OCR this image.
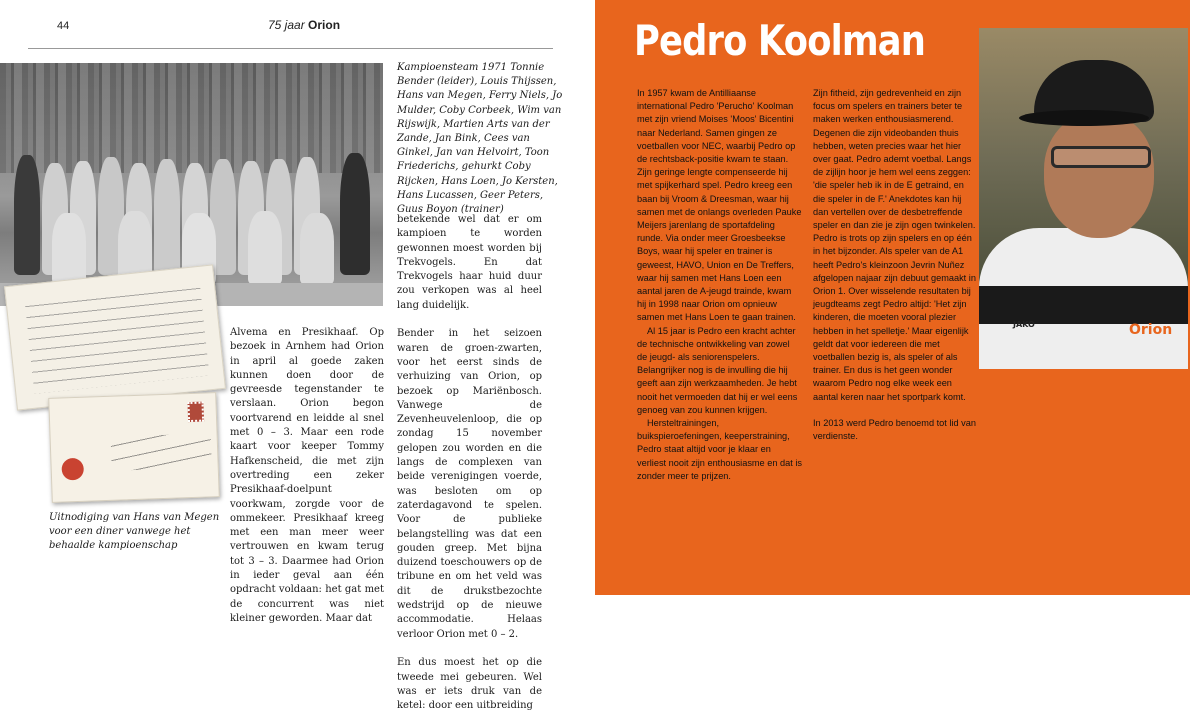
44	75 jaar Orion
Kampioensteam 1971 Tonnie Bender (leider), Louis Thijssen, Hans van Megen, Ferry Niels, Jo Mulder, Coby Corbeek, Wim van Rijswijk, Martien Arts van der Zande, Jan Bink, Cees van Ginkel, Jan van Helvoirt, Toon Friederichs, gehurkt Coby Rijcken, Hans Loen, Jo Kersten, Hans Lucassen, Geer Peters, Guus Boyon (trainer)
Uitnodiging van Hans van Megen voor een diner vanwege het behaalde kampioenschap

Alvema en Presikhaaf. Op bezoek in Arnhem had Orion in april al goede zaken kunnen doen door de gevreesde tegenstander te verslaan. Orion begon voortvarend en leidde al snel met 0 – 3. Maar een rode kaart voor keeper Tommy Hafkenscheid, die met zijn overtreding een zeker Presikhaaf-doelpunt voorkwam, zorgde voor de ommekeer. Presikhaaf kreeg met een man meer weer vertrouwen en kwam terug tot 3 – 3. Daarmee had Orion in ieder geval aan één opdracht voldaan: het gat met de concurrent was niet kleiner geworden. Maar dat

betekende wel dat er om kampioen te worden gewonnen moest worden bij Trekvogels. En dat Trekvogels haar huid duur zou verkopen was al heel lang duidelijk.

Bender in het seizoen waren de groen-zwarten, voor het eerst sinds de verhuizing van Orion, op bezoek op Mariënbosch. Vanwege de Zevenheuvelenloop, die op zondag 15 november gelopen zou worden en die langs de complexen van beide verenigingen voerde, was besloten om op zaterdagavond te spelen. Voor de publieke belangstelling was dat een gouden greep. Met bijna duizend toeschouwers op de tribune en om het veld was dit de drukstbezochte wedstrijd op de nieuwe accommodatie. Helaas verloor Orion met 0 – 2.

En dus moest het op die tweede mei gebeuren. Wel was er iets druk van de ketel: door een uitbreiding

Pedro Koolman

In 1957 kwam de Antilliaanse international Pedro 'Perucho' Koolman met zijn vriend Moises 'Moos' Bicentini naar Nederland. Samen gingen ze voetballen voor NEC, waarbij Pedro op de rechtsback-positie kwam te staan. Zijn geringe lengte compenseerde hij met spijkerhard spel. Pedro kreeg een baan bij Vroom & Dreesman, waar hij samen met de onlangs overleden Pauke Meijers jarenlang de sportafdeling runde. Via onder meer Groesbeekse Boys, waar hij speler en trainer is geweest, HAVO, Union en De Treffers, waar hij samen met Hans Loen een aantal jaren de A-jeugd trainde, kwam hij in 1998 naar Orion om opnieuw samen met Hans Loen te gaan trainen.

Al 15 jaar is Pedro een kracht achter de technische ontwikkeling van zowel de jeugd- als seniorenspelers. Belangrijker nog is de invulling die hij geeft aan zijn werkzaamheden. Je hebt nooit het vermoeden dat hij er wel eens genoeg van zou kunnen krijgen.

Hersteltrainingen, buikspieroefeningen, keeperstraining, Pedro staat altijd voor je klaar en verliest nooit zijn enthousiasme en dat is zonder meer te prijzen.

Zijn fitheid, zijn gedrevenheid en zijn focus om spelers en trainers beter te maken werken enthousiasmerend. Degenen die zijn videobanden thuis hebben, weten precies waar het hier over gaat. Pedro ademt voetbal. Langs de zijlijn hoor je hem wel eens zeggen: 'die speler heb ik in de E getraind, en die speler in de F.' Anekdotes kan hij dan vertellen over de desbetreffende speler en dan zie je zijn ogen twinkelen. Pedro is trots op zijn spelers en op één in het bijzonder. Als speler van de A1 heeft Pedro's kleinzoon Jevrin Nuñez afgelopen najaar zijn debuut gemaakt in Orion 1. Over wisselende resultaten bij jeugdteams zegt Pedro altijd: 'Het zijn kinderen, die moeten vooral plezier hebben in het spelletje.' Maar eigenlijk geldt dat voor iedereen die met voetballen bezig is, als speler of als trainer. En dus is het geen wonder waarom Pedro nog elke week een aantal keren naar het sportpark komt.

In 2013 werd Pedro benoemd tot lid van verdienste.

JAKO	Orion
